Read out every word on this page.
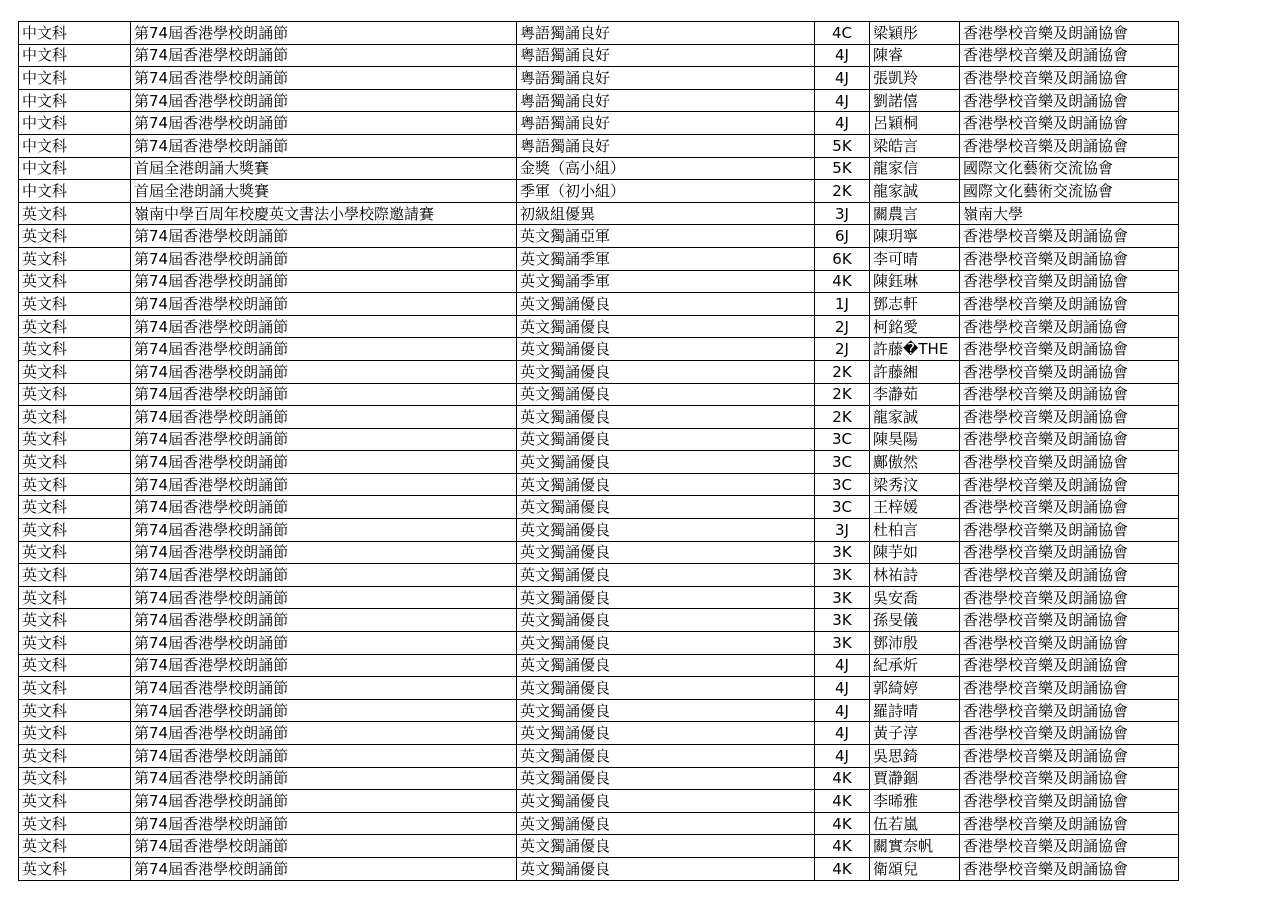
中文科	第74屆香港學校朗誦節	粵語獨誦良好	4C	梁穎彤	香港學校音樂及朗誦協會
中文科	第74屆香港學校朗誦節	粵語獨誦良好	4J	陳睿	香港學校音樂及朗誦協會
中文科	第74屆香港學校朗誦節	粵語獨誦良好	4J	張凱羚	香港學校音樂及朗誦協會
中文科	第74屆香港學校朗誦節	粵語獨誦良好	4J	劉諾僖	香港學校音樂及朗誦協會
中文科	第74屆香港學校朗誦節	粵語獨誦良好	4J	呂穎桐	香港學校音樂及朗誦協會
中文科	第74屆香港學校朗誦節	粵語獨誦良好	5K	梁皓言	香港學校音樂及朗誦協會
中文科	首屆全港朗誦大獎賽	金獎（高小組）	5K	龍家信	國際文化藝術交流協會
中文科	首屆全港朗誦大獎賽	季軍（初小組）	2K	龍家誠	國際文化藝術交流協會
英文科	嶺南中學百周年校慶英文書法小學校際邀請賽	初級組優異	3J	關農言	嶺南大學
英文科	第74屆香港學校朗誦節	英文獨誦亞軍	6J	陳玥寧	香港學校音樂及朗誦協會
英文科	第74屆香港學校朗誦節	英文獨誦季軍	6K	李可晴	香港學校音樂及朗誦協會
英文科	第74屆香港學校朗誦節	英文獨誦季軍	4K	陳鈺琳	香港學校音樂及朗誦協會
英文科	第74屆香港學校朗誦節	英文獨誦優良	1J	鄧志軒	香港學校音樂及朗誦協會
英文科	第74屆香港學校朗誦節	英文獨誦優良	2J	柯銘愛	香港學校音樂及朗誦協會
英文科	第74屆香港學校朗誦節	英文獨誦優良	2J	許藤�THE	香港學校音樂及朗誦協會
英文科	第74屆香港學校朗誦節	英文獨誦優良	2K	許藤緗	香港學校音樂及朗誦協會
英文科	第74屆香港學校朗誦節	英文獨誦優良	2K	李瀞茹	香港學校音樂及朗誦協會
英文科	第74屆香港學校朗誦節	英文獨誦優良	2K	龍家誠	香港學校音樂及朗誦協會
英文科	第74屆香港學校朗誦節	英文獨誦優良	3C	陳昊陽	香港學校音樂及朗誦協會
英文科	第74屆香港學校朗誦節	英文獨誦優良	3C	鄺傲然	香港學校音樂及朗誦協會
英文科	第74屆香港學校朗誦節	英文獨誦優良	3C	梁秀汶	香港學校音樂及朗誦協會
英文科	第74屆香港學校朗誦節	英文獨誦優良	3C	王梓媛	香港學校音樂及朗誦協會
英文科	第74屆香港學校朗誦節	英文獨誦優良	3J	杜柏言	香港學校音樂及朗誦協會
英文科	第74屆香港學校朗誦節	英文獨誦優良	3K	陳芋如	香港學校音樂及朗誦協會
英文科	第74屆香港學校朗誦節	英文獨誦優良	3K	林祐詩	香港學校音樂及朗誦協會
英文科	第74屆香港學校朗誦節	英文獨誦優良	3K	吳安喬	香港學校音樂及朗誦協會
英文科	第74屆香港學校朗誦節	英文獨誦優良	3K	孫旻儀	香港學校音樂及朗誦協會
英文科	第74屆香港學校朗誦節	英文獨誦優良	3K	鄧沛殷	香港學校音樂及朗誦協會
英文科	第74屆香港學校朗誦節	英文獨誦優良	4J	紀承炘	香港學校音樂及朗誦協會
英文科	第74屆香港學校朗誦節	英文獨誦優良	4J	郭綺婷	香港學校音樂及朗誦協會
英文科	第74屆香港學校朗誦節	英文獨誦優良	4J	羅詩晴	香港學校音樂及朗誦協會
英文科	第74屆香港學校朗誦節	英文獨誦優良	4J	黃子淳	香港學校音樂及朗誦協會
英文科	第74屆香港學校朗誦節	英文獨誦優良	4J	吳思錡	香港學校音樂及朗誦協會
英文科	第74屆香港學校朗誦節	英文獨誦優良	4K	賈瀞錮	香港學校音樂及朗誦協會
英文科	第74屆香港學校朗誦節	英文獨誦優良	4K	李晞雅	香港學校音樂及朗誦協會
英文科	第74屆香港學校朗誦節	英文獨誦優良	4K	伍若嵐	香港學校音樂及朗誦協會
英文科	第74屆香港學校朗誦節	英文獨誦優良	4K	關實奈帆	香港學校音樂及朗誦協會
英文科	第74屆香港學校朗誦節	英文獨誦優良	4K	衛頌兒	香港學校音樂及朗誦協會
